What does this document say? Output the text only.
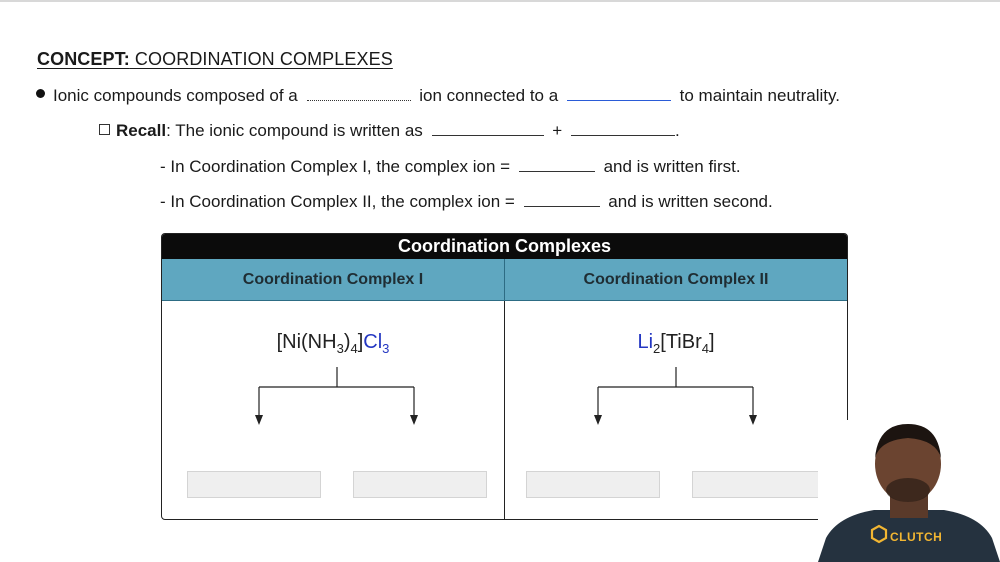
CONCEPT: COORDINATION COMPLEXES
Ionic compounds composed of a	ion connected to a	to maintain neutrality.
Recall: The ionic compound is written as	+	.
- In Coordination Complex I, the complex ion =	and is written first.
- In Coordination Complex II, the complex ion =	and is written second.
Coordination Complexes
Coordination Complex I	Coordination Complex II
$[Ni(NH_3)_4]Cl_3$	$Li_2[TiBr_4]$
CLUTCH
